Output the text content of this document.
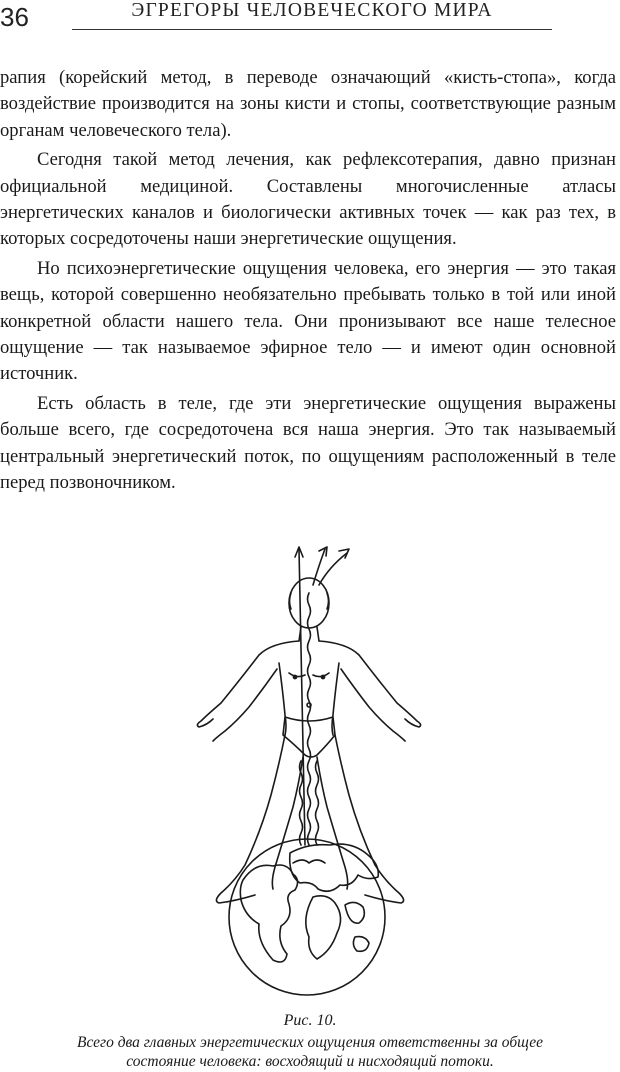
36	ЭГРЕГОРЫ ЧЕЛОВЕЧЕСКОГО МИРА

рапия (корейский метод, в переводе означающий «кисть-стопа», когда воздействие производится на зоны кисти и стопы, соответствующие разным органам человеческого тела).

Сегодня такой метод лечения, как рефлексотерапия, давно признан официальной медициной. Составлены многочисленные атласы энергетических каналов и биологически активных точек — как раз тех, в которых сосредоточены наши энергетические ощущения.

Но психоэнергетические ощущения человека, его энергия — это такая вещь, которой совершенно необязательно пребывать только в той или иной конкретной области нашего тела. Они пронизывают все наше телесное ощущение — так называемое эфирное тело — и имеют один основной источник.

Есть область в теле, где эти энергетические ощущения выражены больше всего, где сосредоточена вся наша энергия. Это так называемый центральный энергетический поток, по ощущениям расположенный в теле перед позвоночником.

Рис. 10.
Всего два главных энергетических ощущения ответственны за общее
состояние человека: восходящий и нисходящий потоки.
